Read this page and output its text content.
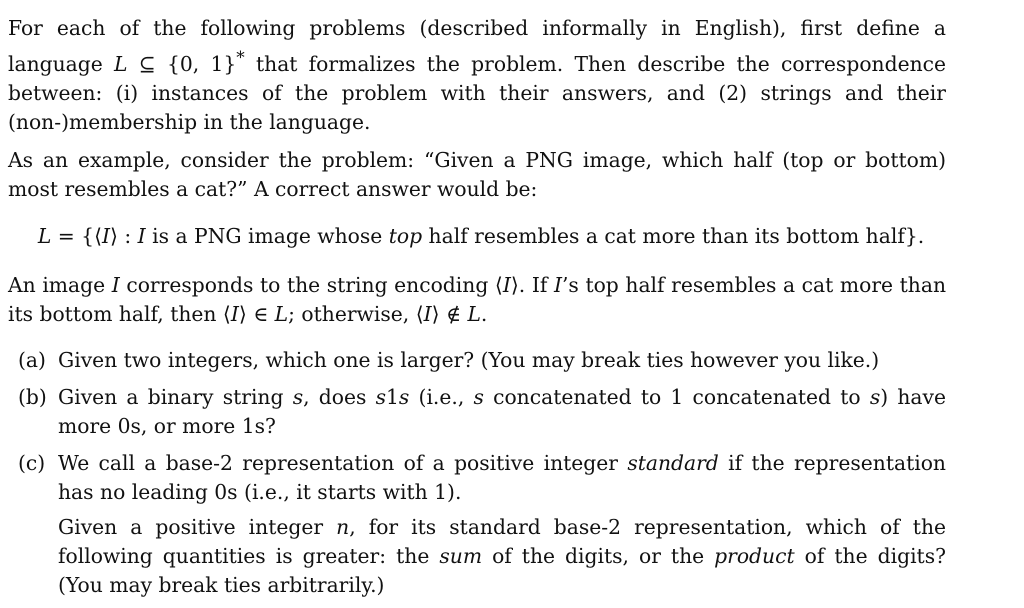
For each of the following problems (described informally in English), first define a language L ⊆ {0, 1}* that formalizes the problem. Then describe the correspondence between: (i) instances of the problem with their answers, and (2) strings and their (non-)membership in the language.

As an example, consider the problem: “Given a PNG image, which half (top or bottom) most resembles a cat?” A correct answer would be:

L = {⟨I⟩ : I is a PNG image whose top half resembles a cat more than its bottom half}.

An image I corresponds to the string encoding ⟨I⟩. If I’s top half resembles a cat more than its bottom half, then ⟨I⟩ ∈ L; otherwise, ⟨I⟩ ∉ L.

(a) Given two integers, which one is larger? (You may break ties however you like.)
(b) Given a binary string s, does s1s (i.e., s concatenated to 1 concatenated to s) have more 0s, or more 1s?
(c) We call a base-2 representation of a positive integer standard if the representation has no leading 0s (i.e., it starts with 1).
Given a positive integer n, for its standard base-2 representation, which of the following quantities is greater: the sum of the digits, or the product of the digits? (You may break ties arbitrarily.)
